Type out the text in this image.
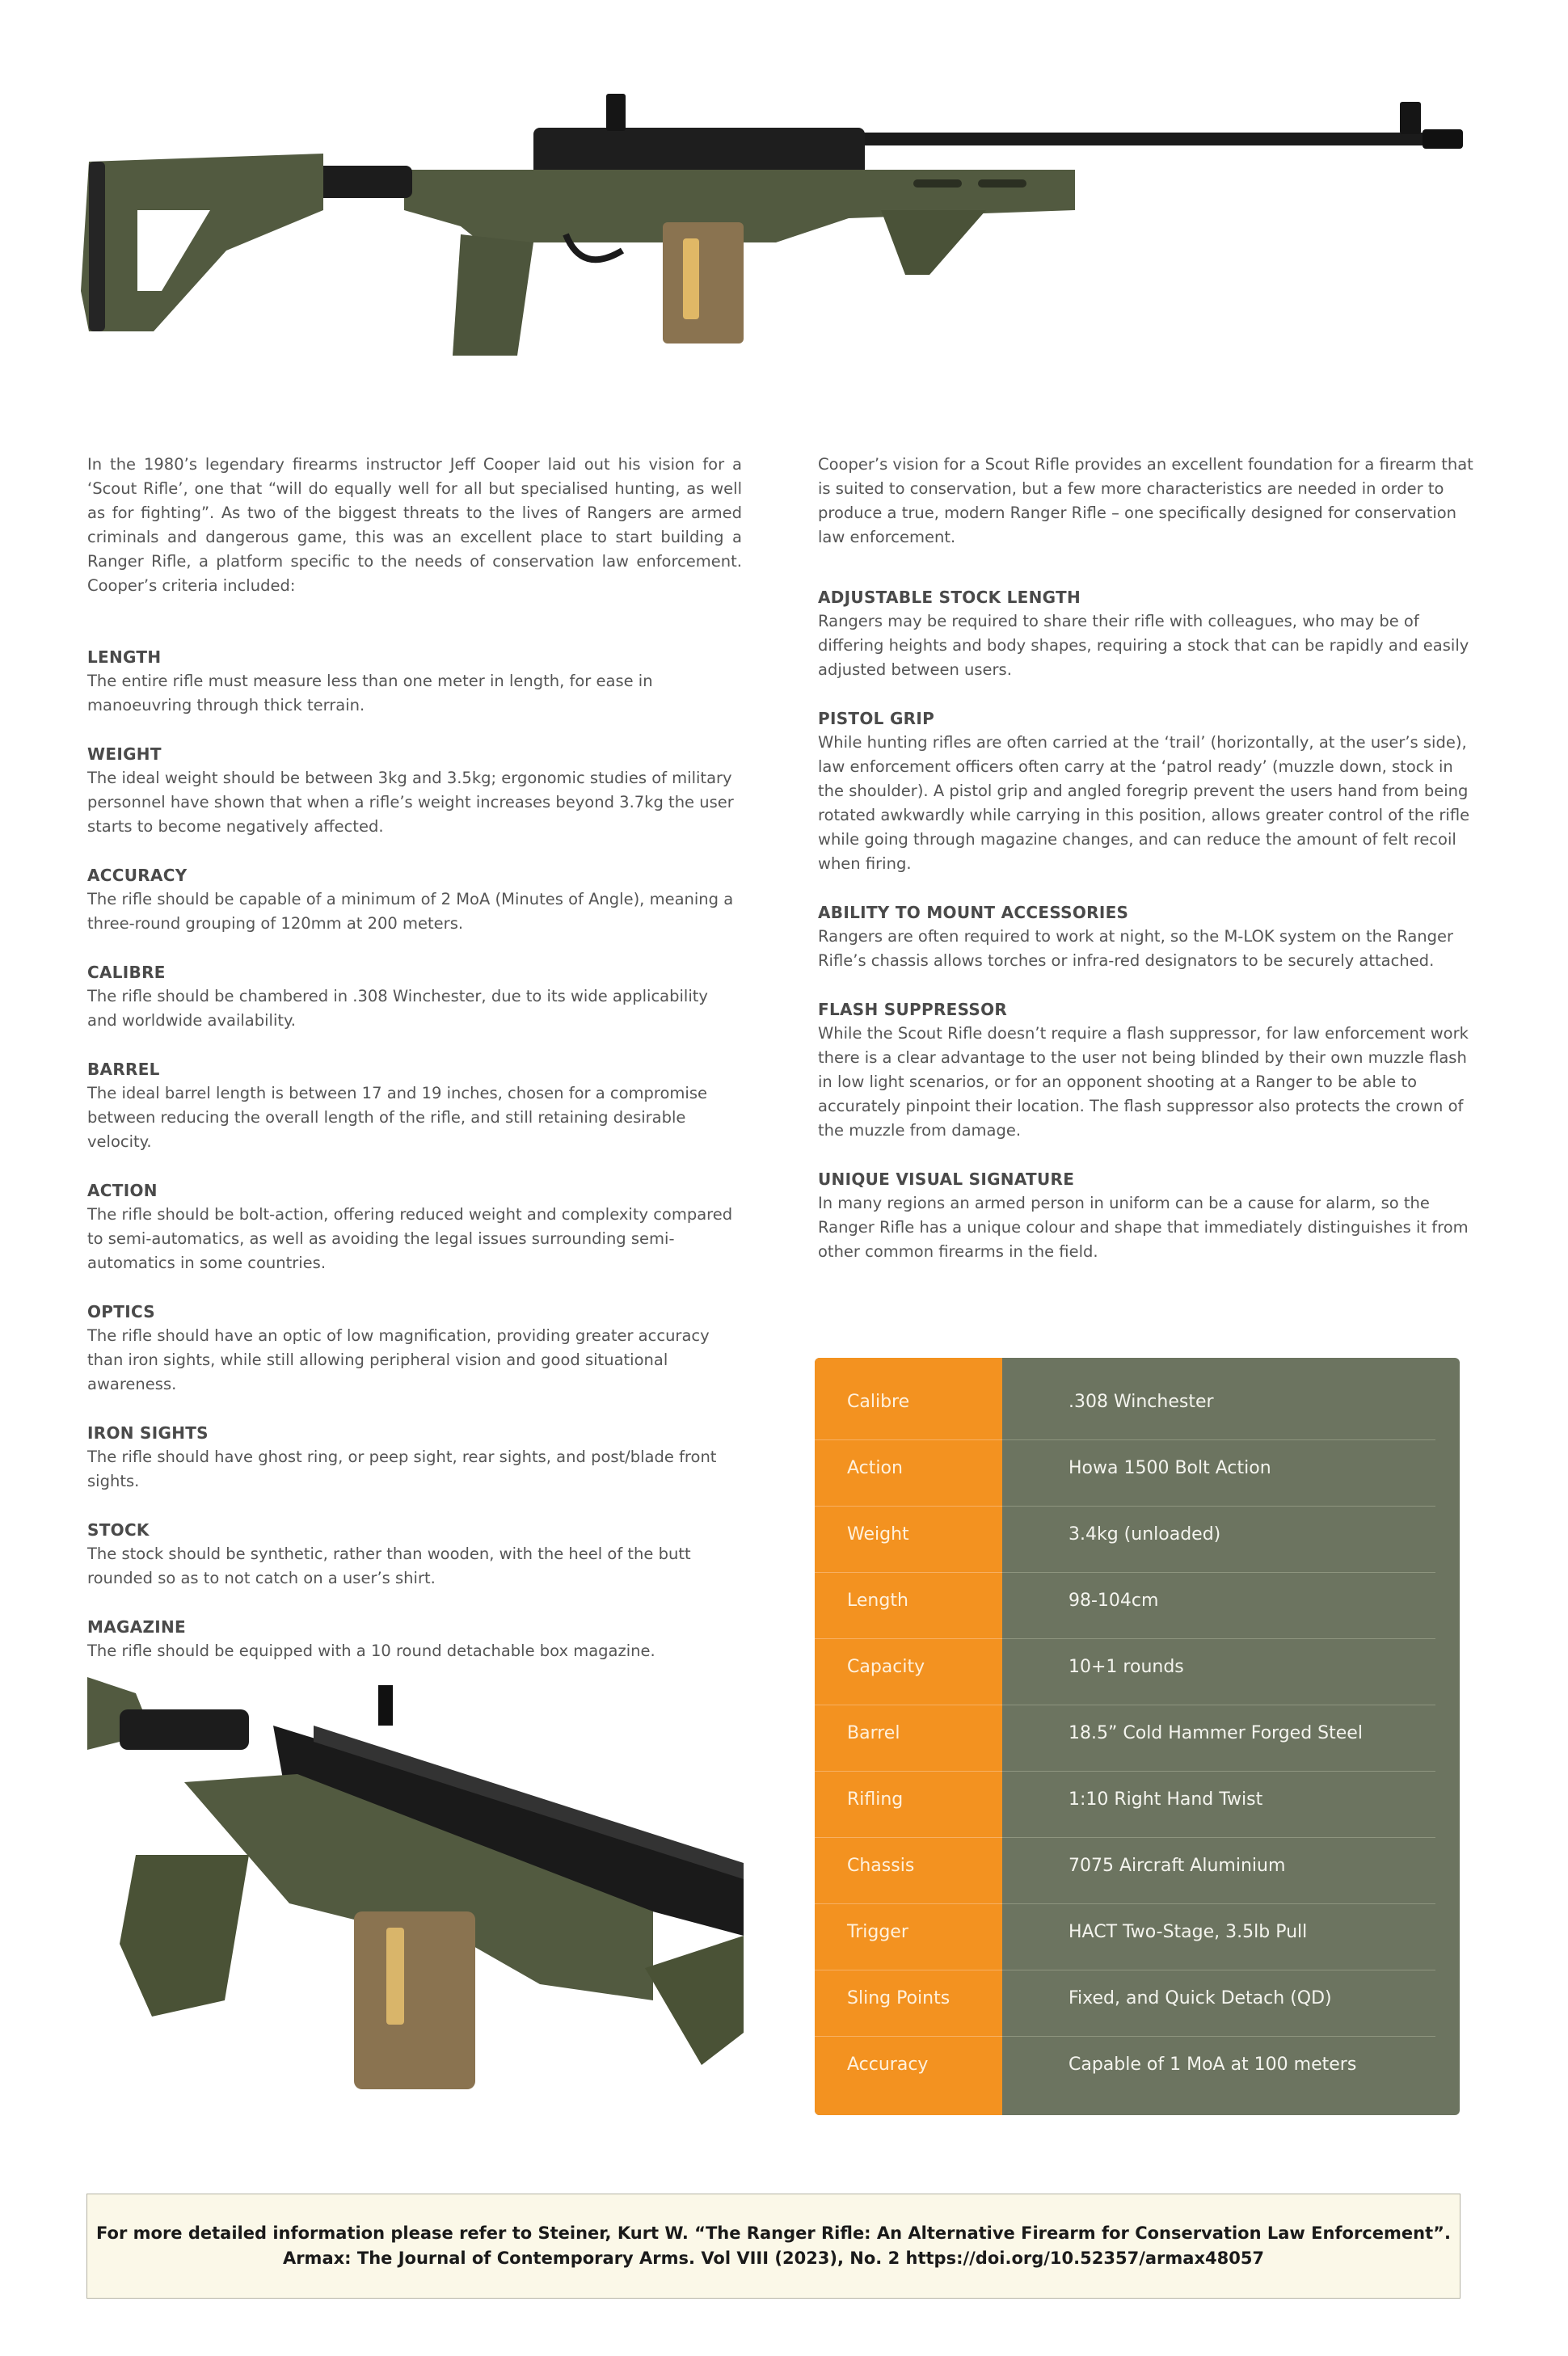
In the 1980’s legendary firearms instructor Jeff Cooper laid out his vision for a ‘Scout Rifle’, one that “will do equally well for all but specialised hunting, as well as for fighting”. As two of the biggest threats to the lives of Rangers are armed criminals and dangerous game, this was an excellent place to start building a Ranger Rifle, a platform specific to the needs of conservation law enforcement. Cooper’s criteria included:

LENGTH

The entire rifle must measure less than one meter in length, for ease in manoeuvring through thick terrain.

WEIGHT

The ideal weight should be between 3kg and 3.5kg; ergonomic studies of military personnel have shown that when a rifle’s weight increases beyond 3.7kg the user starts to become negatively affected.

ACCURACY

The rifle should be capable of a minimum of 2 MoA (Minutes of Angle), meaning a three-round grouping of 120mm at 200 meters.

CALIBRE

The rifle should be chambered in .308 Winchester, due to its wide applicability and worldwide availability.

BARREL

The ideal barrel length is between 17 and 19 inches, chosen for a compromise between reducing the overall length of the rifle, and still retaining desirable velocity.

ACTION

The rifle should be bolt-action, offering reduced weight and complexity compared to semi-automatics, as well as avoiding the legal issues surrounding semi-automatics in some countries.

OPTICS

The rifle should have an optic of low magnification, providing greater accuracy than iron sights, while still allowing peripheral vision and good situational awareness.

IRON SIGHTS

The rifle should have ghost ring, or peep sight, rear sights, and post/blade front sights.

STOCK

The stock should be synthetic, rather than wooden, with the heel of the butt rounded so as to not catch on a user’s shirt.

MAGAZINE

The rifle should be equipped with a 10 round detachable box magazine.

Cooper’s vision for a Scout Rifle provides an excellent foundation for a firearm that is suited to conservation, but a few more characteristics are needed in order to produce a true, modern Ranger Rifle – one specifically designed for conservation law enforcement.

ADJUSTABLE STOCK LENGTH

Rangers may be required to share their rifle with colleagues, who may be of differing heights and body shapes, requiring a stock that can be rapidly and easily adjusted between users.

PISTOL GRIP

While hunting rifles are often carried at the ‘trail’ (horizontally, at the user’s side), law enforcement officers often carry at the ‘patrol ready’ (muzzle down, stock in the shoulder). A pistol grip and angled foregrip prevent the users hand from being rotated awkwardly while carrying in this position, allows greater control of the rifle while going through magazine changes, and can reduce the amount of felt recoil when firing.

ABILITY TO MOUNT ACCESSORIES

Rangers are often required to work at night, so the M-LOK system on the Ranger Rifle’s chassis allows torches or infra-red designators to be securely attached.

FLASH SUPPRESSOR

While the Scout Rifle doesn’t require a flash suppressor, for law enforcement work there is a clear advantage to the user not being blinded by their own muzzle flash in low light scenarios, or for an opponent shooting at a Ranger to be able to accurately pinpoint their location. The flash suppressor also protects the crown of the muzzle from damage.

UNIQUE VISUAL SIGNATURE

In many regions an armed person in uniform can be a cause for alarm, so the Ranger Rifle has a unique colour and shape that immediately distinguishes it from other common firearms in the field.

Calibre	.308 Winchester
Action	Howa 1500 Bolt Action
Weight	3.4kg (unloaded)
Length	98-104cm
Capacity	10+1 rounds
Barrel	18.5” Cold Hammer Forged Steel
Rifling	1:10 Right Hand Twist
Chassis	7075 Aircraft Aluminium
Trigger	HACT Two-Stage, 3.5lb Pull
Sling Points	Fixed, and Quick Detach (QD)
Accuracy	Capable of 1 MoA at 100 meters
For more detailed information please refer to Steiner, Kurt W. “The Ranger Rifle: An Alternative Firearm for Conservation Law Enforcement”.
Armax: The Journal of Contemporary Arms. Vol VIII (2023), No. 2 https://doi.org/10.52357/armax48057
